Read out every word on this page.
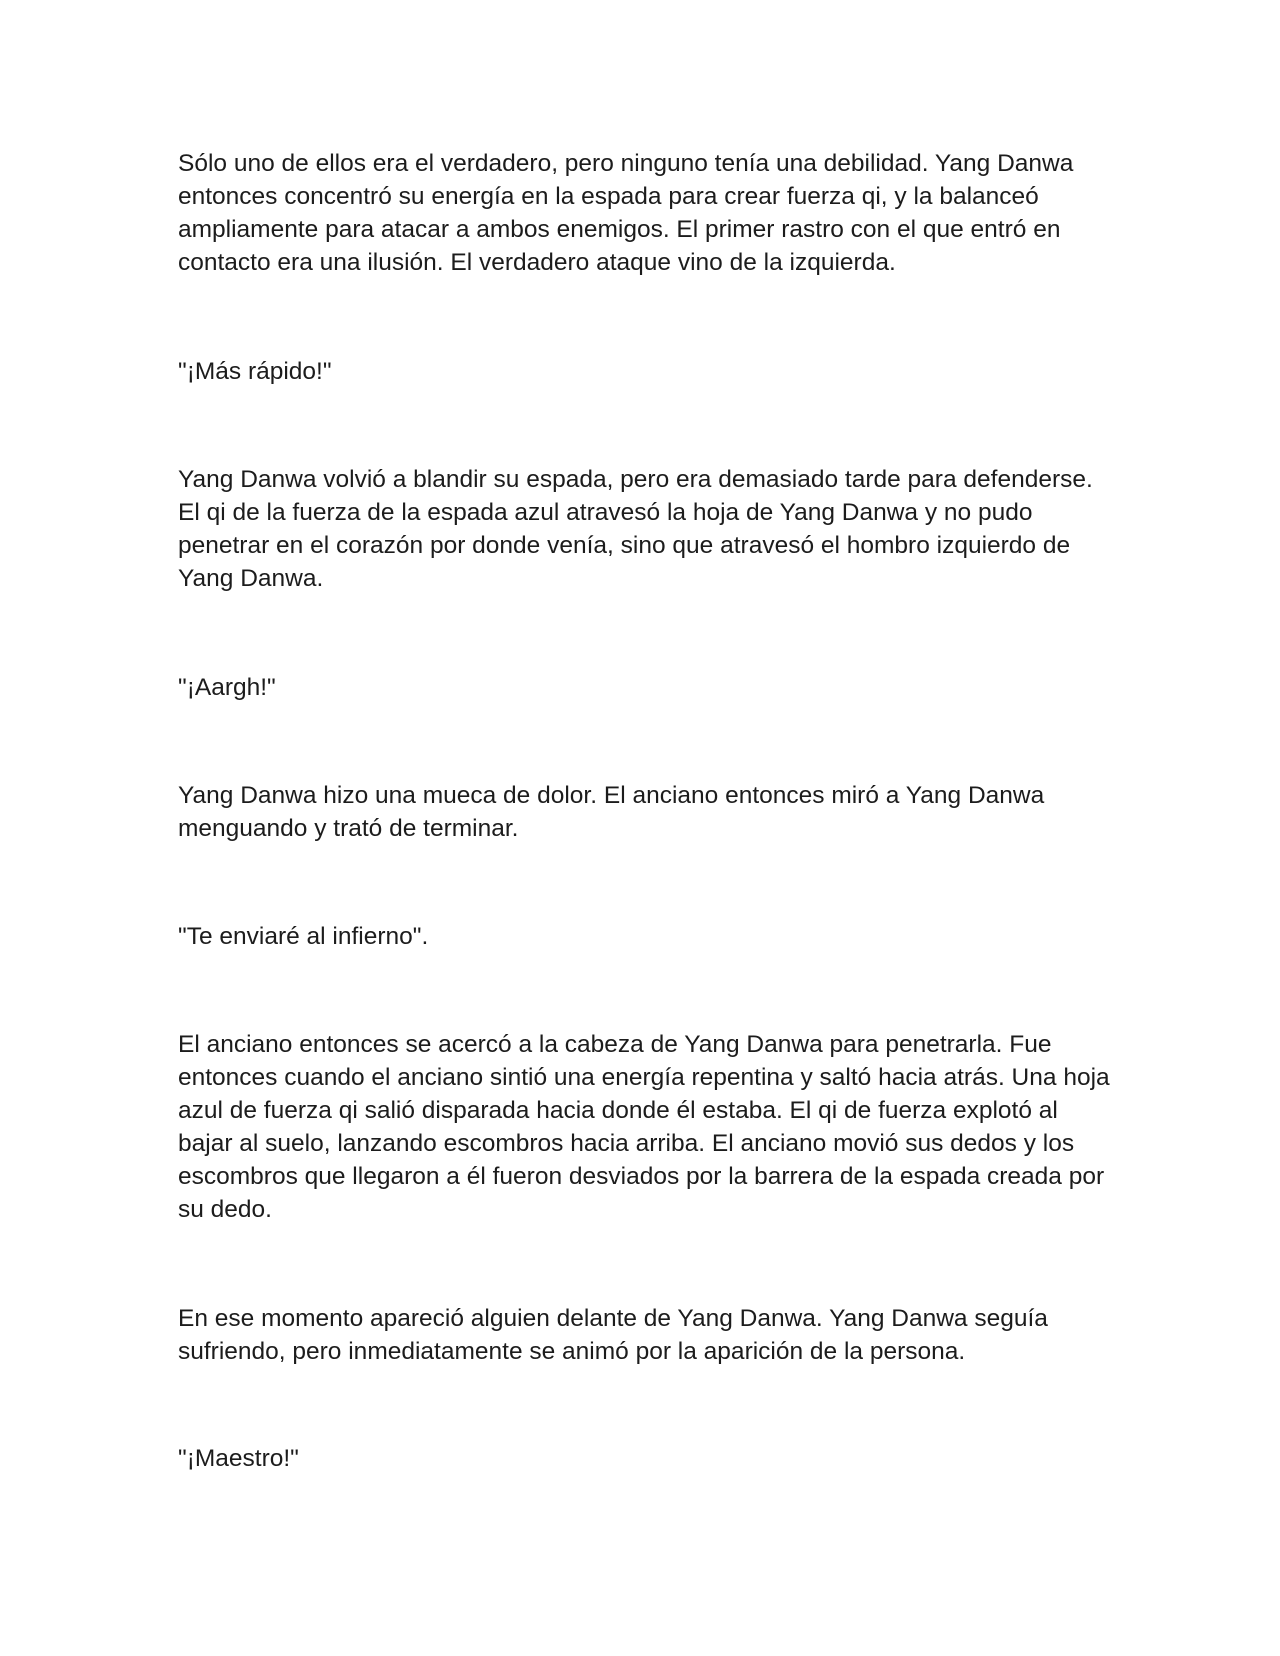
Sólo uno de ellos era el verdadero, pero ninguno tenía una debilidad. Yang Danwa entonces concentró su energía en la espada para crear fuerza qi, y la balanceó ampliamente para atacar a ambos enemigos. El primer rastro con el que entró en contacto era una ilusión. El verdadero ataque vino de la izquierda.

"¡Más rápido!"

Yang Danwa volvió a blandir su espada, pero era demasiado tarde para defenderse. El qi de la fuerza de la espada azul atravesó la hoja de Yang Danwa y no pudo penetrar en el corazón por donde venía, sino que atravesó el hombro izquierdo de Yang Danwa.

"¡Aargh!"

Yang Danwa hizo una mueca de dolor. El anciano entonces miró a Yang Danwa menguando y trató de terminar.

"Te enviaré al infierno".

El anciano entonces se acercó a la cabeza de Yang Danwa para penetrarla. Fue entonces cuando el anciano sintió una energía repentina y saltó hacia atrás. Una hoja azul de fuerza qi salió disparada hacia donde él estaba. El qi de fuerza explotó al bajar al suelo, lanzando escombros hacia arriba. El anciano movió sus dedos y los escombros que llegaron a él fueron desviados por la barrera de la espada creada por su dedo.

En ese momento apareció alguien delante de Yang Danwa. Yang Danwa seguía sufriendo, pero inmediatamente se animó por la aparición de la persona.

"¡Maestro!"
